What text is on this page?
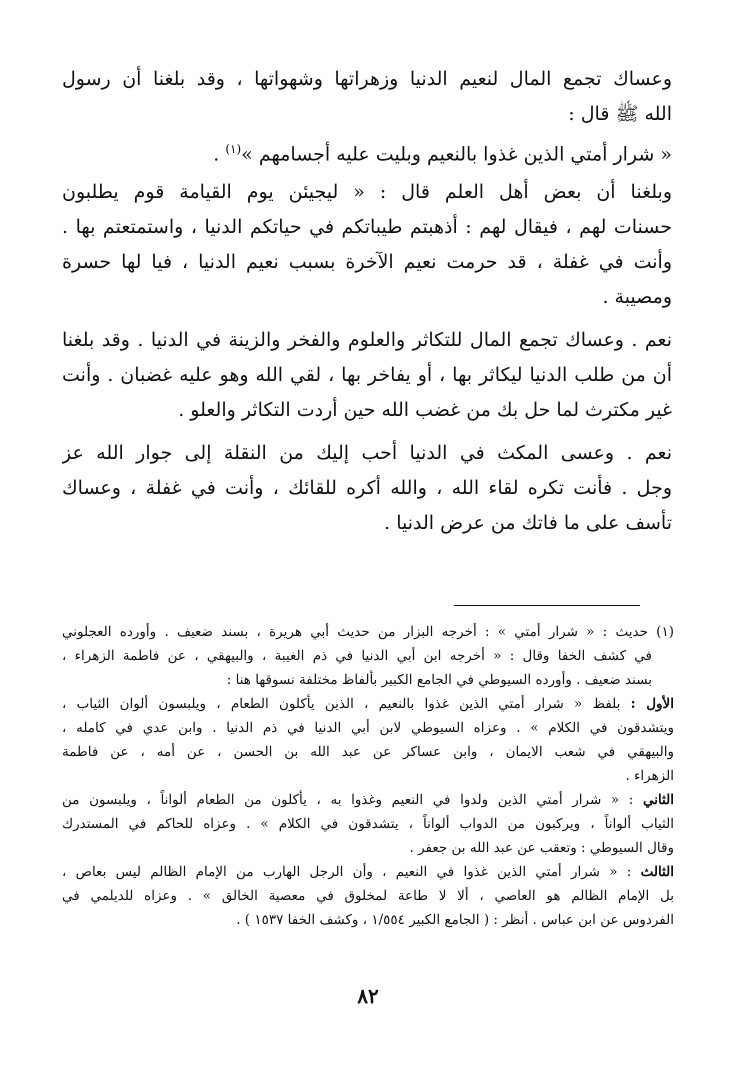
وعساك تجمع المال لنعيم الدنيا وزهراتها وشهواتها ، وقد بلغنا أن رسول
الله ﷺ قال :
« شرار أمتي الذين غذوا بالنعيم وبليت عليه أجسامهم »$^{(١)}$ .
وبلغنا أن بعض أهل العلم قال : « ليجيئن يوم القيامة قوم يطلبون
حسنات لهم ، فيقال لهم : أذهبتم طيباتكم في حياتكم الدنيا ، واستمتعتم بها .
وأنت في غفلة ، قد حرمت نعيم الآخرة بسبب نعيم الدنيا ، فيا لها حسرة
ومصيبة .
نعم . وعساك تجمع المال للتكاثر والعلوم والفخر والزينة في الدنيا . وقد بلغنا
أن من طلب الدنيا ليكاثر بها ، أو يفاخر بها ، لقي الله وهو عليه غضبان . وأنت
غير مكترث لما حل بك من غضب الله حين أردت التكاثر والعلو .
نعم . وعسى المكث في الدنيا أحب إليك من النقلة إلى جوار الله عز
وجل . فأنت تكره لقاء الله ، والله أكره للقائك ، وأنت في غفلة ، وعساك
تأسف على ما فاتك من عرض الدنيا .
(١) حديث : « شرار أمتي » : أخرجه البزار من حديث أبي هريرة ، بسند ضعيف . وأورده العجلوني
في كشف الخفا وقال : « أخرجه ابن أبي الدنيا في ذم الغيبة ، والبيهقي ، عن فاطمة الزهراء ،
بسند ضعيف . وأورده السيوطي في الجامع الكبير بألفاظ مختلفة نسوقها هنا :
الأول : بلفظ « شرار أمتي الذين غذوا بالنعيم ، الذين يأكلون الطعام ، ويلبسون ألوان الثياب ،
ويتشدقون في الكلام » . وعزاه السيوطي لابن أبي الدنيا في ذم الدنيا . وابن عدي في كامله ،
والبيهقي في شعب الايمان ، وابن عساكر عن عبد الله بن الحسن ، عن أمه ، عن فاطمة
الزهراء .
الثاني : « شرار أمتي الذين ولدوا في النعيم وغذوا به ، يأكلون من الطعام ألواناً ، ويلبسون من
الثياب ألواناً ، ويركبون من الدواب ألواناً ، يتشدقون في الكلام » . وعزاه للحاكم في المستدرك
وقال السيوطي : وتعقب عن عبد الله بن جعفر .
الثالث : « شرار أمتي الذين غذوا في النعيم ، وأن الرجل الهارب من الإمام الظالم ليس بعاص ،
بل الإمام الظالم هو العاصي ، ألا لا طاعة لمخلوق في معصية الخالق » . وعزاه للديلمي في
الفردوس عن ابن عباس . أنظر : ( الجامع الكبير ١/٥٥٤ ، وكشف الخفا ١٥٣٧ ) .
٨٢
